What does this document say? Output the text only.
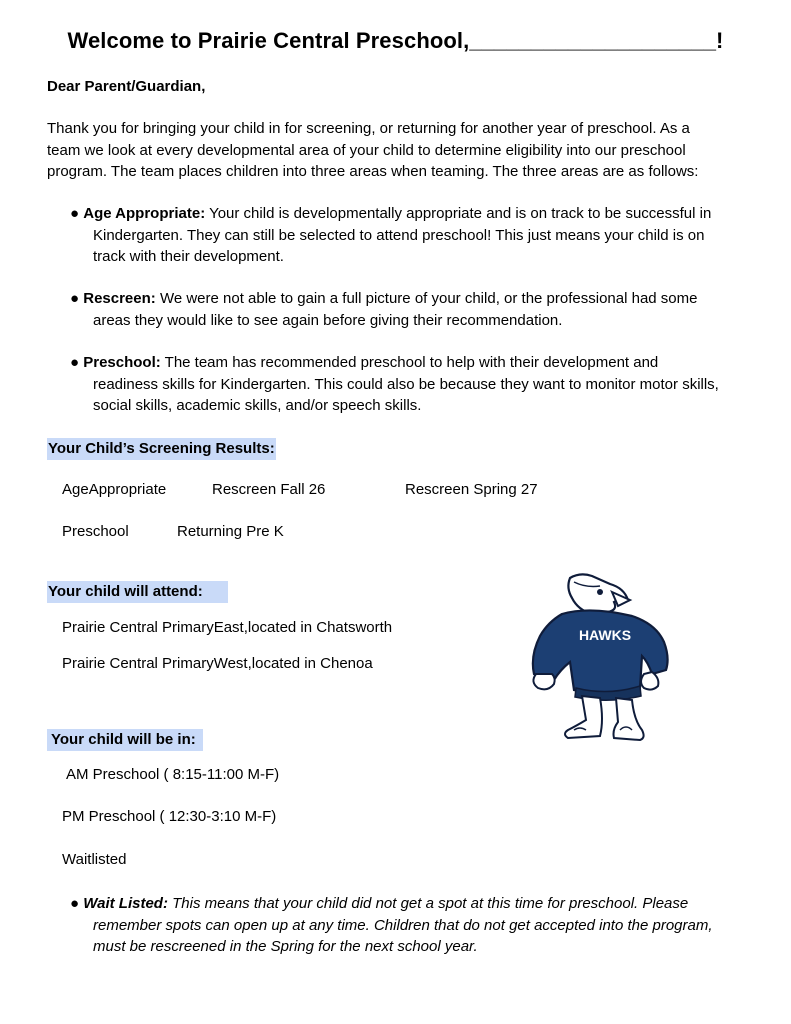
Welcome to Prairie Central Preschool,____________________!
Dear Parent/Guardian,
Thank you for bringing your child in for screening, or returning for another year of preschool. As a
team we look at every developmental area of your child to determine eligibility into our preschool
program. The team places children into three areas when teaming. The three areas are as follows:
● Age Appropriate: Your child is developmentally appropriate and is on track to be successful in
Kindergarten. They can still be selected to attend preschool! This just means your child is on
track with their development.
● Rescreen: We were not able to gain a full picture of your child, or the professional had some
areas they would like to see again before giving their recommendation.
● Preschool: The team has recommended preschool to help with their development and
readiness skills for Kindergarten. This could also be because they want to monitor motor skills,
social skills, academic skills, and/or speech skills.
Your Child’s Screening Results:
AgeAppropriate	Rescreen Fall 26	Rescreen Spring 27
Preschool	Returning Pre K
Your child will attend:
Prairie Central PrimaryEast,located in Chatsworth
Prairie Central PrimaryWest,located in Chenoa
Your child will be in:
AM Preschool ( 8:15-11:00 M-F)
PM Preschool ( 12:30-3:10 M-F)
Waitlisted
● Wait Listed: This means that your child did not get a spot at this time for preschool. Please
remember spots can open up at any time. Children that do not get accepted into the program,
must be rescreened in the Spring for the next school year.
HAWKS
